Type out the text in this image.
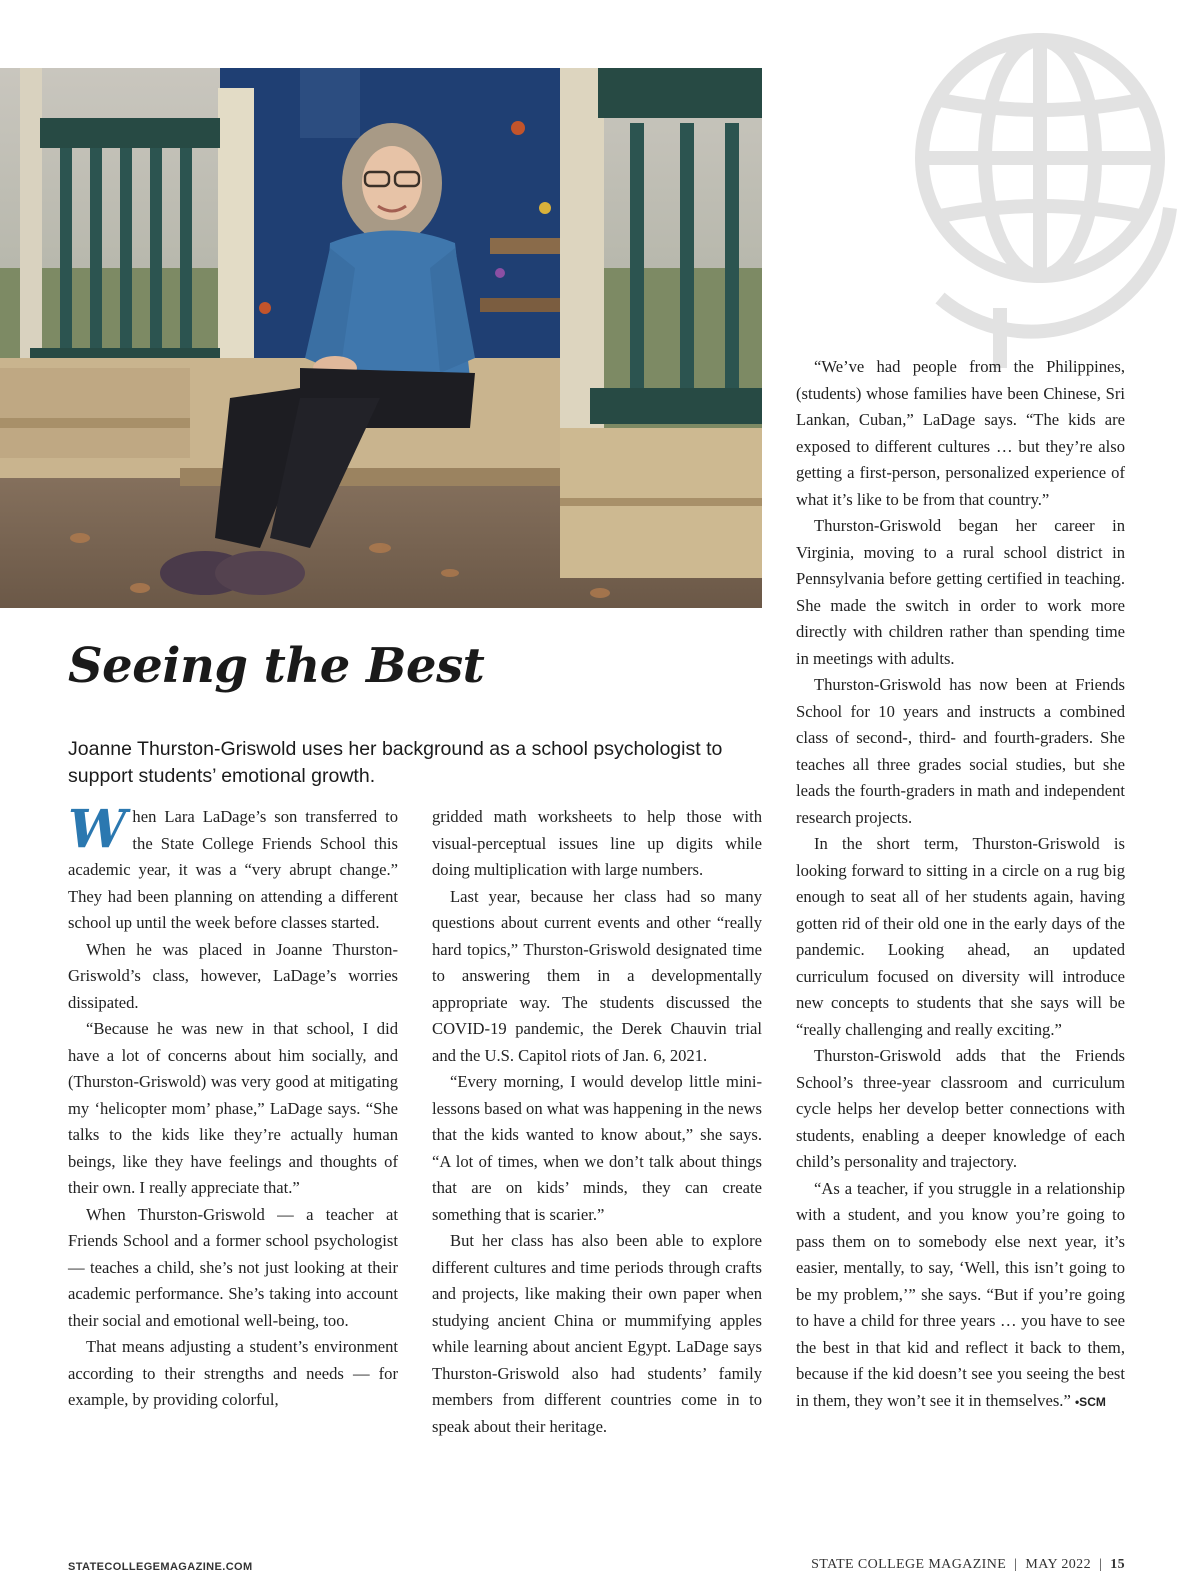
Seeing the Best

Joanne Thurston-Griswold uses her background as a school psychologist to support students’ emotional growth.

When Lara LaDage’s son transferred to the State College Friends School this academic year, it was a “very abrupt change.” They had been planning on attending a different school up until the week before classes started.

When he was placed in Joanne Thurston-Griswold’s class, however, LaDage’s worries dissipated.

“Because he was new in that school, I did have a lot of concerns about him socially, and (Thurston-Griswold) was very good at mitigating my ‘helicopter mom’ phase,” LaDage says. “She talks to the kids like they’re actually human beings, like they have feelings and thoughts of their own. I really appreciate that.”

When Thurston-Griswold — a teacher at Friends School and a former school psychologist — teaches a child, she’s not just looking at their academic performance. She’s taking into account their social and emotional well-being, too.

That means adjusting a student’s environment according to their strengths and needs — for example, by providing colorful,

gridded math worksheets to help those with visual-perceptual issues line up digits while doing multiplication with large numbers.

Last year, because her class had so many questions about current events and other “really hard topics,” Thurston-Griswold designated time to answering them in a developmentally appropriate way. The students discussed the COVID-19 pandemic, the Derek Chauvin trial and the U.S. Capitol riots of Jan. 6, 2021.

“Every morning, I would develop little mini-lessons based on what was happening in the news that the kids wanted to know about,” she says. “A lot of times, when we don’t talk about things that are on kids’ minds, they can create something that is scarier.”

But her class has also been able to explore different cultures and time periods through crafts and projects, like making their own paper when studying ancient China or mummifying apples while learning about ancient Egypt. LaDage says Thurston-Griswold also had students’ family members from different countries come in to speak about their heritage.

“We’ve had people from the Philippines, (students) whose families have been Chinese, Sri Lankan, Cuban,” LaDage says. “The kids are exposed to different cultures … but they’re also getting a first-person, personalized experience of what it’s like to be from that country.”

Thurston-Griswold began her career in Virginia, moving to a rural school district in Pennsylvania before getting certified in teaching. She made the switch in order to work more directly with children rather than spending time in meetings with adults.

Thurston-Griswold has now been at Friends School for 10 years and instructs a combined class of second-, third- and fourth-graders. She teaches all three grades social studies, but she leads the fourth-graders in math and independent research projects.

In the short term, Thurston-Griswold is looking forward to sitting in a circle on a rug big enough to seat all of her students again, having gotten rid of their old one in the early days of the pandemic. Looking ahead, an updated curriculum focused on diversity will introduce new concepts to students that she says will be “really challenging and really exciting.”

Thurston-Griswold adds that the Friends School’s three-year classroom and curriculum cycle helps her develop better connections with students, enabling a deeper knowledge of each child’s personality and trajectory.

“As a teacher, if you struggle in a relationship with a student, and you know you’re going to pass them on to somebody else next year, it’s easier, mentally, to say, ‘Well, this isn’t going to be my problem,’” she says. “But if you’re going to have a child for three years … you have to see the best in that kid and reflect it back to them, because if the kid doesn’t see you seeing the best in them, they won’t see it in themselves.” •SCM

STATECOLLEGEMAGAZINE.COM	STATE COLLEGE MAGAZINE | MAY 2022 | 15
